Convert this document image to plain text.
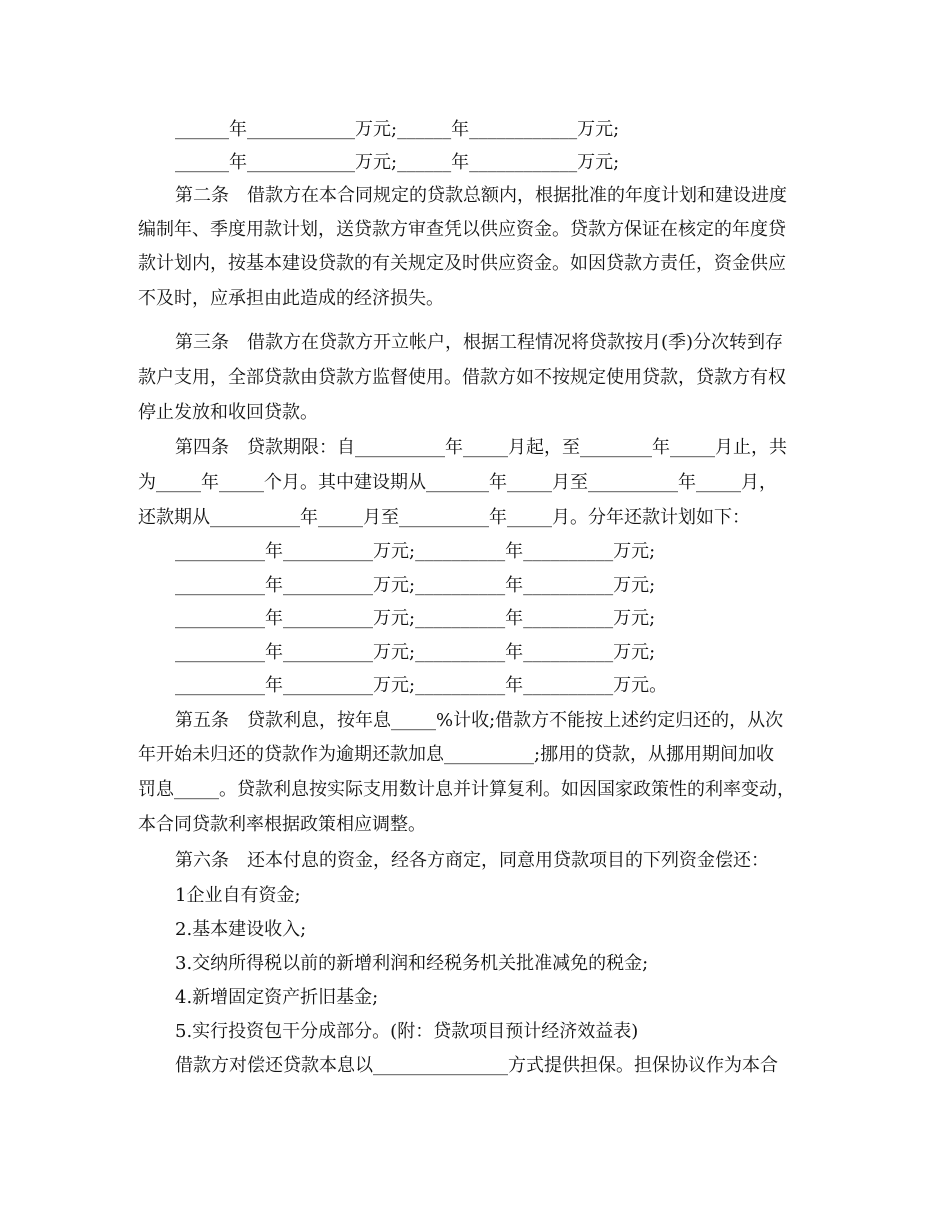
______年____________万元;______年____________万元;
______年____________万元;______年____________万元;
第二条　借款方在本合同规定的贷款总额内，根据批准的年度计划和建设进度
编制年、季度用款计划，送贷款方审查凭以供应资金。贷款方保证在核定的年度贷
款计划内，按基本建设贷款的有关规定及时供应资金。如因贷款方责任，资金供应
不及时，应承担由此造成的经济损失。
第三条　借款方在贷款方开立帐户，根据工程情况将贷款按月(季)分次转到存
款户支用，全部贷款由贷款方监督使用。借款方如不按规定使用贷款，贷款方有权
停止发放和收回贷款。
第四条　贷款期限：自__________年_____月起，至________年_____月止，共
为_____年_____个月。其中建设期从_______年_____月至__________年_____月，
还款期从__________年_____月至__________年_____月。分年还款计划如下：
__________年__________万元;__________年__________万元;
__________年__________万元;__________年__________万元;
__________年__________万元;__________年__________万元;
__________年__________万元;__________年__________万元;
__________年__________万元;__________年__________万元。
第五条　贷款利息，按年息_____%计收;借款方不能按上述约定归还的，从次
年开始未归还的贷款作为逾期还款加息__________;挪用的贷款，从挪用期间加收
罚息_____。贷款利息按实际支用数计息并计算复利。如因国家政策性的利率变动，
本合同贷款利率根据政策相应调整。
第六条　还本付息的资金，经各方商定，同意用贷款项目的下列资金偿还：
1企业自有资金;
2.基本建设收入;
3.交纳所得税以前的新增利润和经税务机关批准减免的税金;
4.新增固定资产折旧基金;
5.实行投资包干分成部分。(附：贷款项目预计经济效益表)
借款方对偿还贷款本息以_______________方式提供担保。担保协议作为本合
